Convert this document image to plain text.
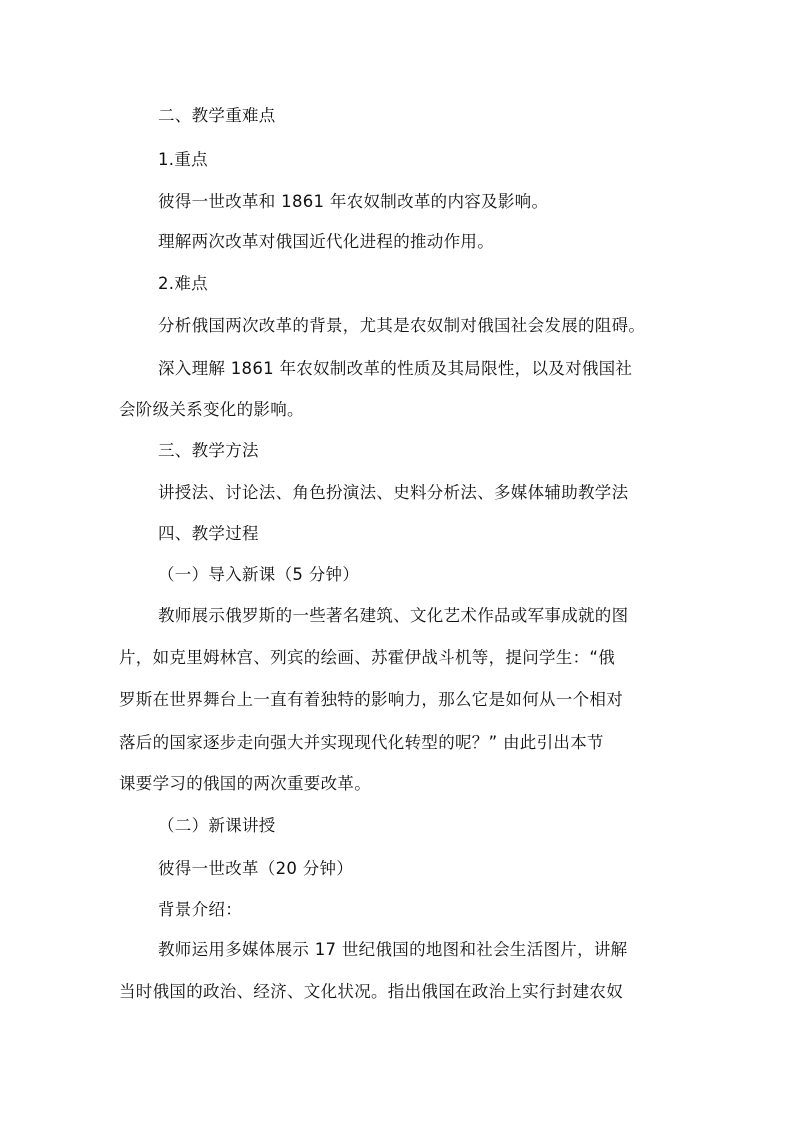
二、教学重难点
1.重点
彼得一世改革和 1861 年农奴制改革的内容及影响。
理解两次改革对俄国近代化进程的推动作用。
2.难点
分析俄国两次改革的背景，尤其是农奴制对俄国社会发展的阻碍。
深入理解 1861 年农奴制改革的性质及其局限性，以及对俄国社
会阶级关系变化的影响。
三、教学方法
讲授法、讨论法、角色扮演法、史料分析法、多媒体辅助教学法
四、教学过程
（一）导入新课（5 分钟）
教师展示俄罗斯的一些著名建筑、文化艺术作品或军事成就的图
片，如克里姆林宫、列宾的绘画、苏霍伊战斗机等，提问学生：“俄
罗斯在世界舞台上一直有着独特的影响力，那么它是如何从一个相对
落后的国家逐步走向强大并实现现代化转型的呢？” 由此引出本节
课要学习的俄国的两次重要改革。
（二）新课讲授
彼得一世改革（20 分钟）
背景介绍：
教师运用多媒体展示 17 世纪俄国的地图和社会生活图片，讲解
当时俄国的政治、经济、文化状况。指出俄国在政治上实行封建农奴
